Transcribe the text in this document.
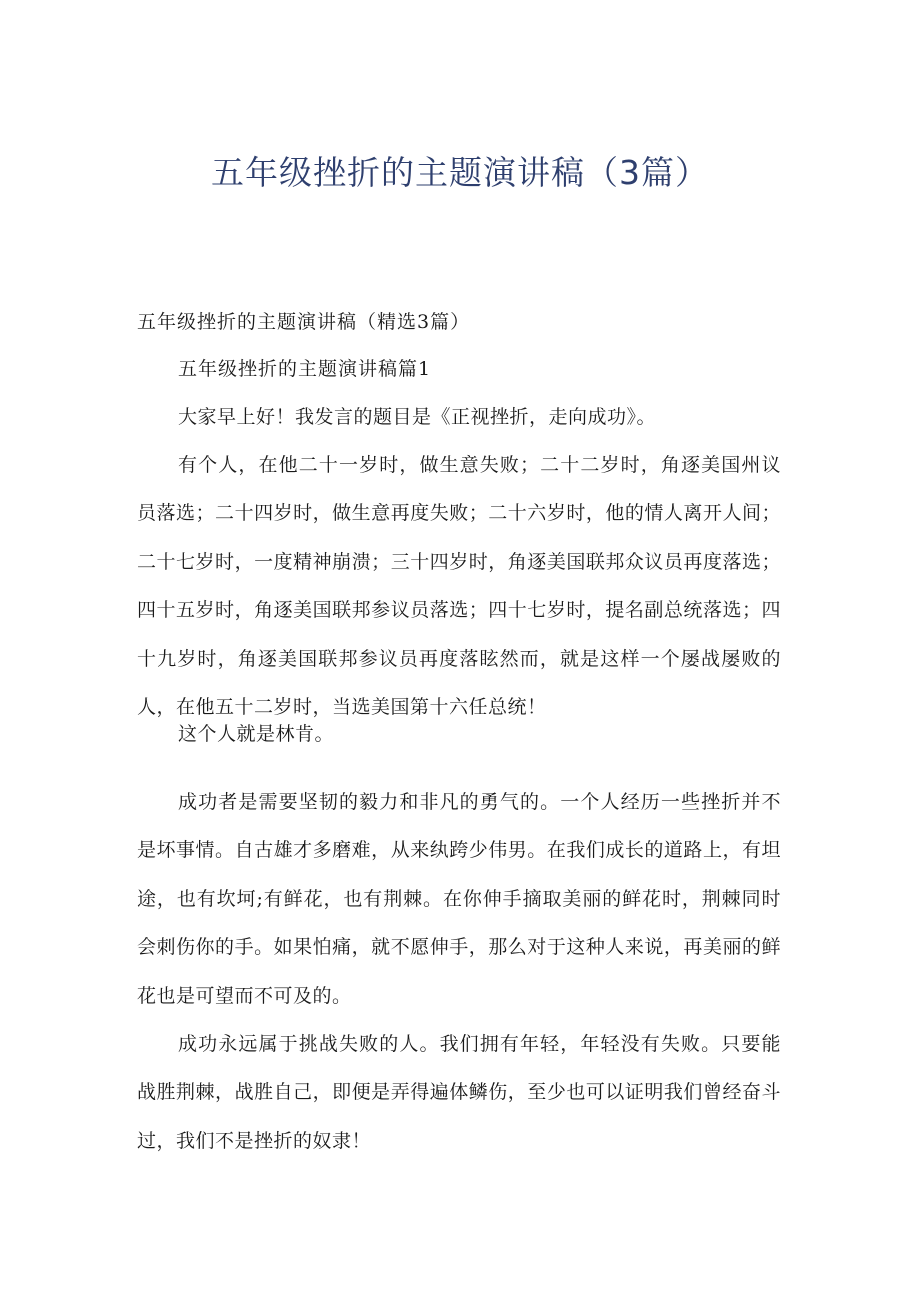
五年级挫折的主题演讲稿（3篇）

五年级挫折的主题演讲稿（精选3篇）

五年级挫折的主题演讲稿篇1

大家早上好！我发言的题目是《正视挫折，走向成功》。

有个人，在他二十一岁时，做生意失败；二十二岁时，角逐美国州议员落选；二十四岁时，做生意再度失败；二十六岁时，他的情人离开人间；二十七岁时，一度精神崩溃；三十四岁时，角逐美国联邦众议员再度落选；四十五岁时，角逐美国联邦参议员落选；四十七岁时，提名副总统落选；四十九岁时，角逐美国联邦参议员再度落眩然而，就是这样一个屡战屡败的人，在他五十二岁时，当选美国第十六任总统！

这个人就是林肯。

成功者是需要坚韧的毅力和非凡的勇气的。一个人经历一些挫折并不是坏事情。自古雄才多磨难，从来纨跨少伟男。在我们成长的道路上，有坦途，也有坎坷;有鲜花，也有荆棘。在你伸手摘取美丽的鲜花时，荆棘同时会刺伤你的手。如果怕痛，就不愿伸手，那么对于这种人来说，再美丽的鲜花也是可望而不可及的。

成功永远属于挑战失败的人。我们拥有年轻，年轻没有失败。只要能战胜荆棘，战胜自己，即便是弄得遍体鳞伤，至少也可以证明我们曾经奋斗过，我们不是挫折的奴隶！
